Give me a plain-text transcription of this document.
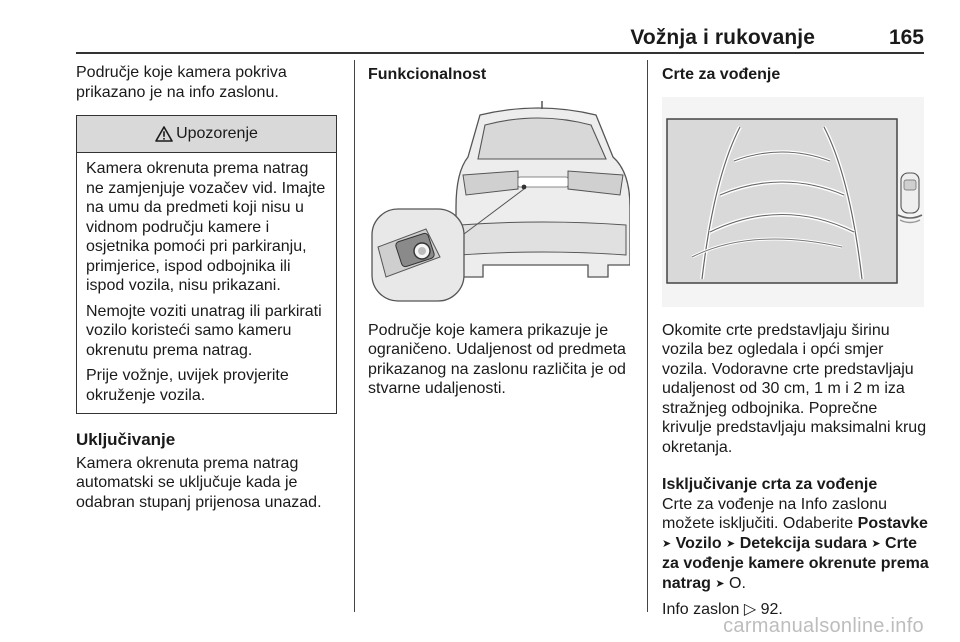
Vožnja i rukovanje	165

Područje koje kamera pokriva prikazano je na info zaslonu.

Upozorenje

Kamera okrenuta prema natrag ne zamjenjuje vozačev vid. Imajte na umu da predmeti koji nisu u vidnom području kamere i osjetnika pomoći pri parkiranju, primjerice, ispod odbojnika ili ispod vozila, nisu prikazani.

Nemojte voziti unatrag ili parkirati vozilo koristeći samo kameru okrenutu prema natrag.

Prije vožnje, uvijek provjerite okruženje vozila.

Uključivanje

Kamera okrenuta prema natrag automatski se uključuje kada je odabran stupanj prijenosa unazad.

Funkcionalnost

Područje koje kamera prikazuje je ograničeno. Udaljenost od predmeta prikazanog na zaslonu različita je od stvarne udaljenosti.

Crte za vođenje

Okomite crte predstavljaju širinu vozila bez ogledala i opći smjer vozila. Vodoravne crte predstavljaju udaljenost od 30 cm, 1 m i 2 m iza stražnjeg odbojnika. Poprečne krivulje predstavljaju maksimalni krug okretanja.

Isključivanje crta za vođenje

Crte za vođenje na Info zaslonu možete isključiti. Odaberite Postavke ➤ Vozilo ➤ Detekcija sudara ➤ Crte za vođenje kamere okrenute prema natrag ➤ O.

Info zaslon ▷ 92.

carmanualsonline.info
